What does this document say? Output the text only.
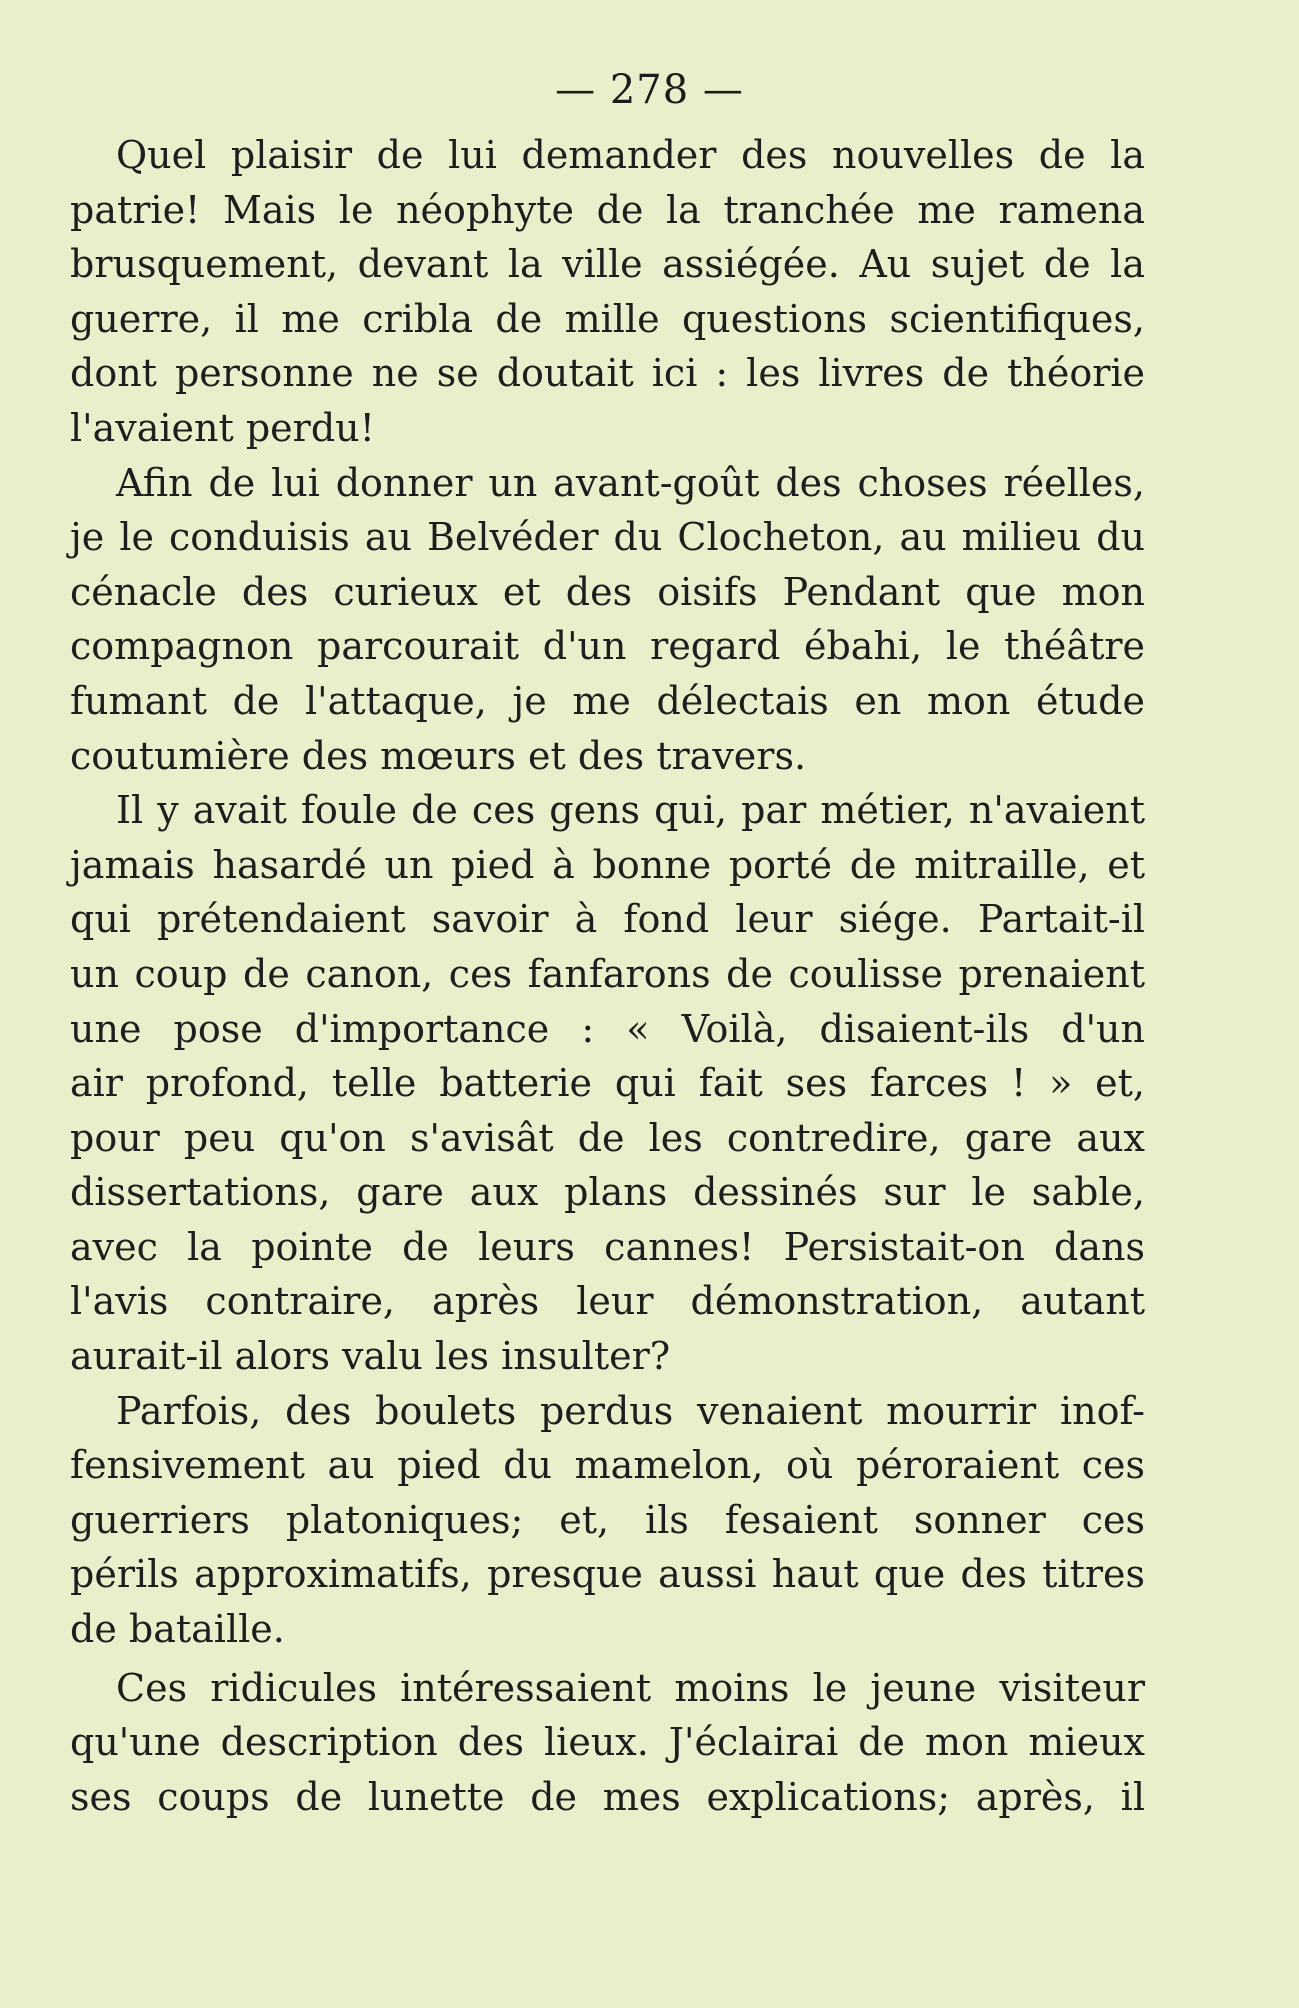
— 278 —

Quel plaisir de lui demander des nouvelles de la
patrie! Mais le néophyte de la tranchée me ramena
brusquement, devant la ville assiégée. Au sujet de la
guerre, il me cribla de mille questions scientifiques,
dont personne ne se doutait ici : les livres de théorie
l'avaient perdu!

Afin de lui donner un avant-goût des choses réelles,
je le conduisis au Belvéder du Clocheton, au milieu du
cénacle des curieux et des oisifs Pendant que mon
compagnon parcourait d'un regard ébahi, le théâtre
fumant de l'attaque, je me délectais en mon étude
coutumière des mœurs et des travers.

Il y avait foule de ces gens qui, par métier, n'avaient
jamais hasardé un pied à bonne porté de mitraille, et
qui prétendaient savoir à fond leur siége. Partait-il
un coup de canon, ces fanfarons de coulisse prenaient
une pose d'importance : « Voilà, disaient-ils d'un
air profond, telle batterie qui fait ses farces ! » et,
pour peu qu'on s'avisât de les contredire, gare aux
dissertations, gare aux plans dessinés sur le sable,
avec la pointe de leurs cannes! Persistait-on dans
l'avis contraire, après leur démonstration, autant
aurait-il alors valu les insulter?

Parfois, des boulets perdus venaient mourrir inof-
fensivement au pied du mamelon, où péroraient ces
guerriers platoniques; et, ils fesaient sonner ces
périls approximatifs, presque aussi haut que des titres
de bataille.

Ces ridicules intéressaient moins le jeune visiteur
qu'une description des lieux. J'éclairai de mon mieux
ses coups de lunette de mes explications; après, il
